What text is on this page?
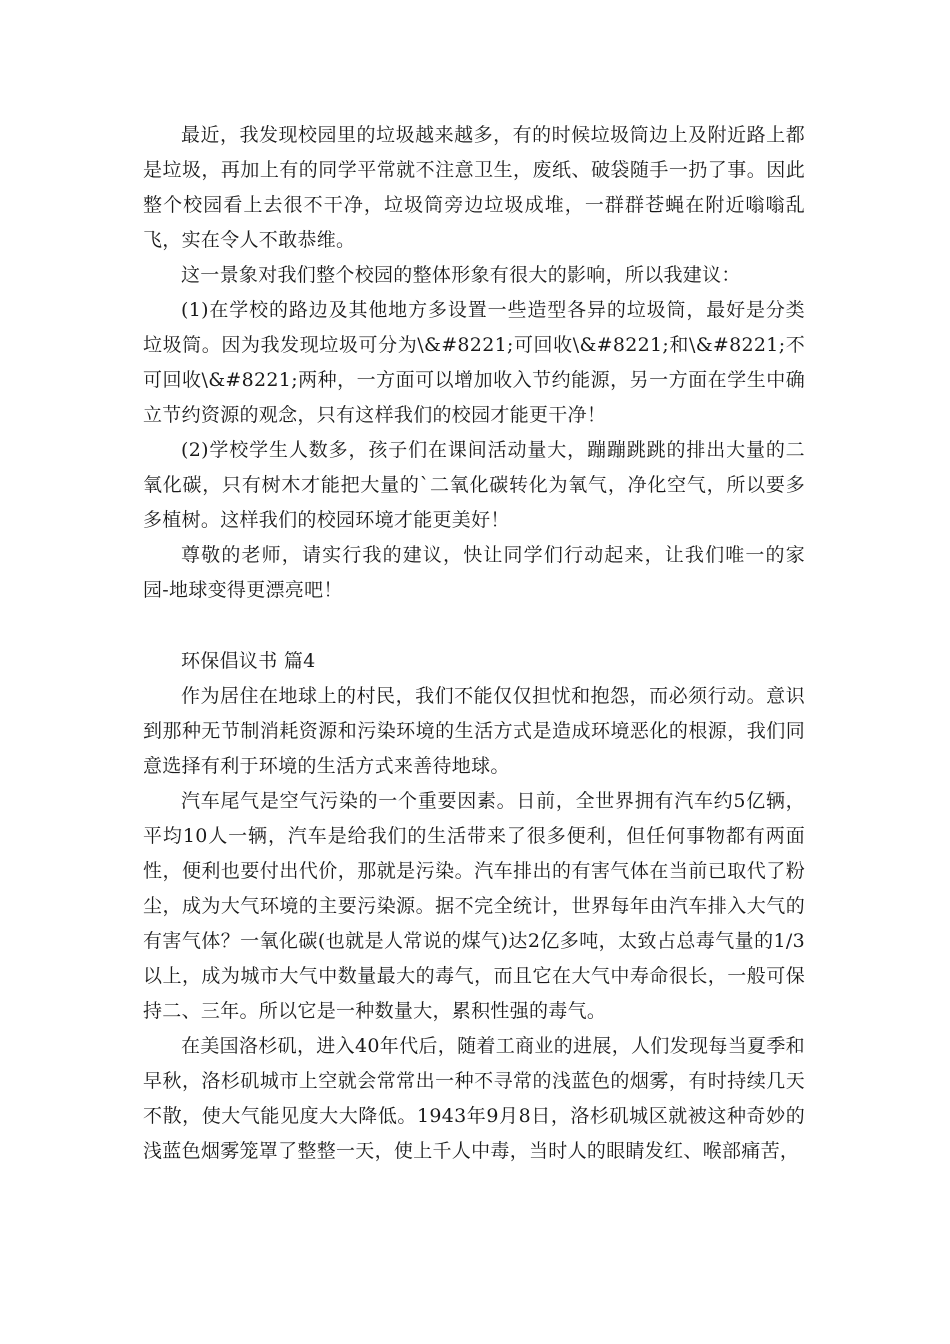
最近，我发现校园里的垃圾越来越多，有的时候垃圾筒边上及附近路上都是垃圾，再加上有的同学平常就不注意卫生，废纸、破袋随手一扔了事。因此整个校园看上去很不干净，垃圾筒旁边垃圾成堆，一群群苍蝇在附近嗡嗡乱飞，实在令人不敢恭维。

这一景象对我们整个校园的整体形象有很大的影响，所以我建议：

(1)在学校的路边及其他地方多设置一些造型各异的垃圾筒，最好是分类垃圾筒。因为我发现垃圾可分为\&#8221;可回收\&#8221;和\&#8221;不可回收\&#8221;两种，一方面可以增加收入节约能源，另一方面在学生中确立节约资源的观念，只有这样我们的校园才能更干净！

(2)学校学生人数多，孩子们在课间活动量大，蹦蹦跳跳的排出大量的二氧化碳，只有树木才能把大量的`二氧化碳转化为氧气，净化空气，所以要多多植树。这样我们的校园环境才能更美好！

尊敬的老师，请实行我的建议，快让同学们行动起来，让我们唯一的家园-地球变得更漂亮吧！

环保倡议书 篇4

作为居住在地球上的村民，我们不能仅仅担忧和抱怨，而必须行动。意识到那种无节制消耗资源和污染环境的生活方式是造成环境恶化的根源，我们同意选择有利于环境的生活方式来善待地球。

汽车尾气是空气污染的一个重要因素。日前，全世界拥有汽车约5亿辆，平均10人一辆，汽车是给我们的生活带来了很多便利，但任何事物都有两面性，便利也要付出代价，那就是污染。汽车排出的有害气体在当前已取代了粉尘，成为大气环境的主要污染源。据不完全统计，世界每年由汽车排入大气的有害气体？一氧化碳(也就是人常说的煤气)达2亿多吨，太致占总毒气量的1/3以上，成为城市大气中数量最大的毒气，而且它在大气中寿命很长，一般可保持二、三年。所以它是一种数量大，累积性强的毒气。

在美国洛杉矶，进入40年代后，随着工商业的进展，人们发现每当夏季和早秋，洛杉矶城市上空就会常常出一种不寻常的浅蓝色的烟雾，有时持续几天不散，使大气能见度大大降低。1943年9月8日，洛杉矶城区就被这种奇妙的浅蓝色烟雾笼罩了整整一天，使上千人中毒，当时人的眼睛发红、喉部痛苦，
